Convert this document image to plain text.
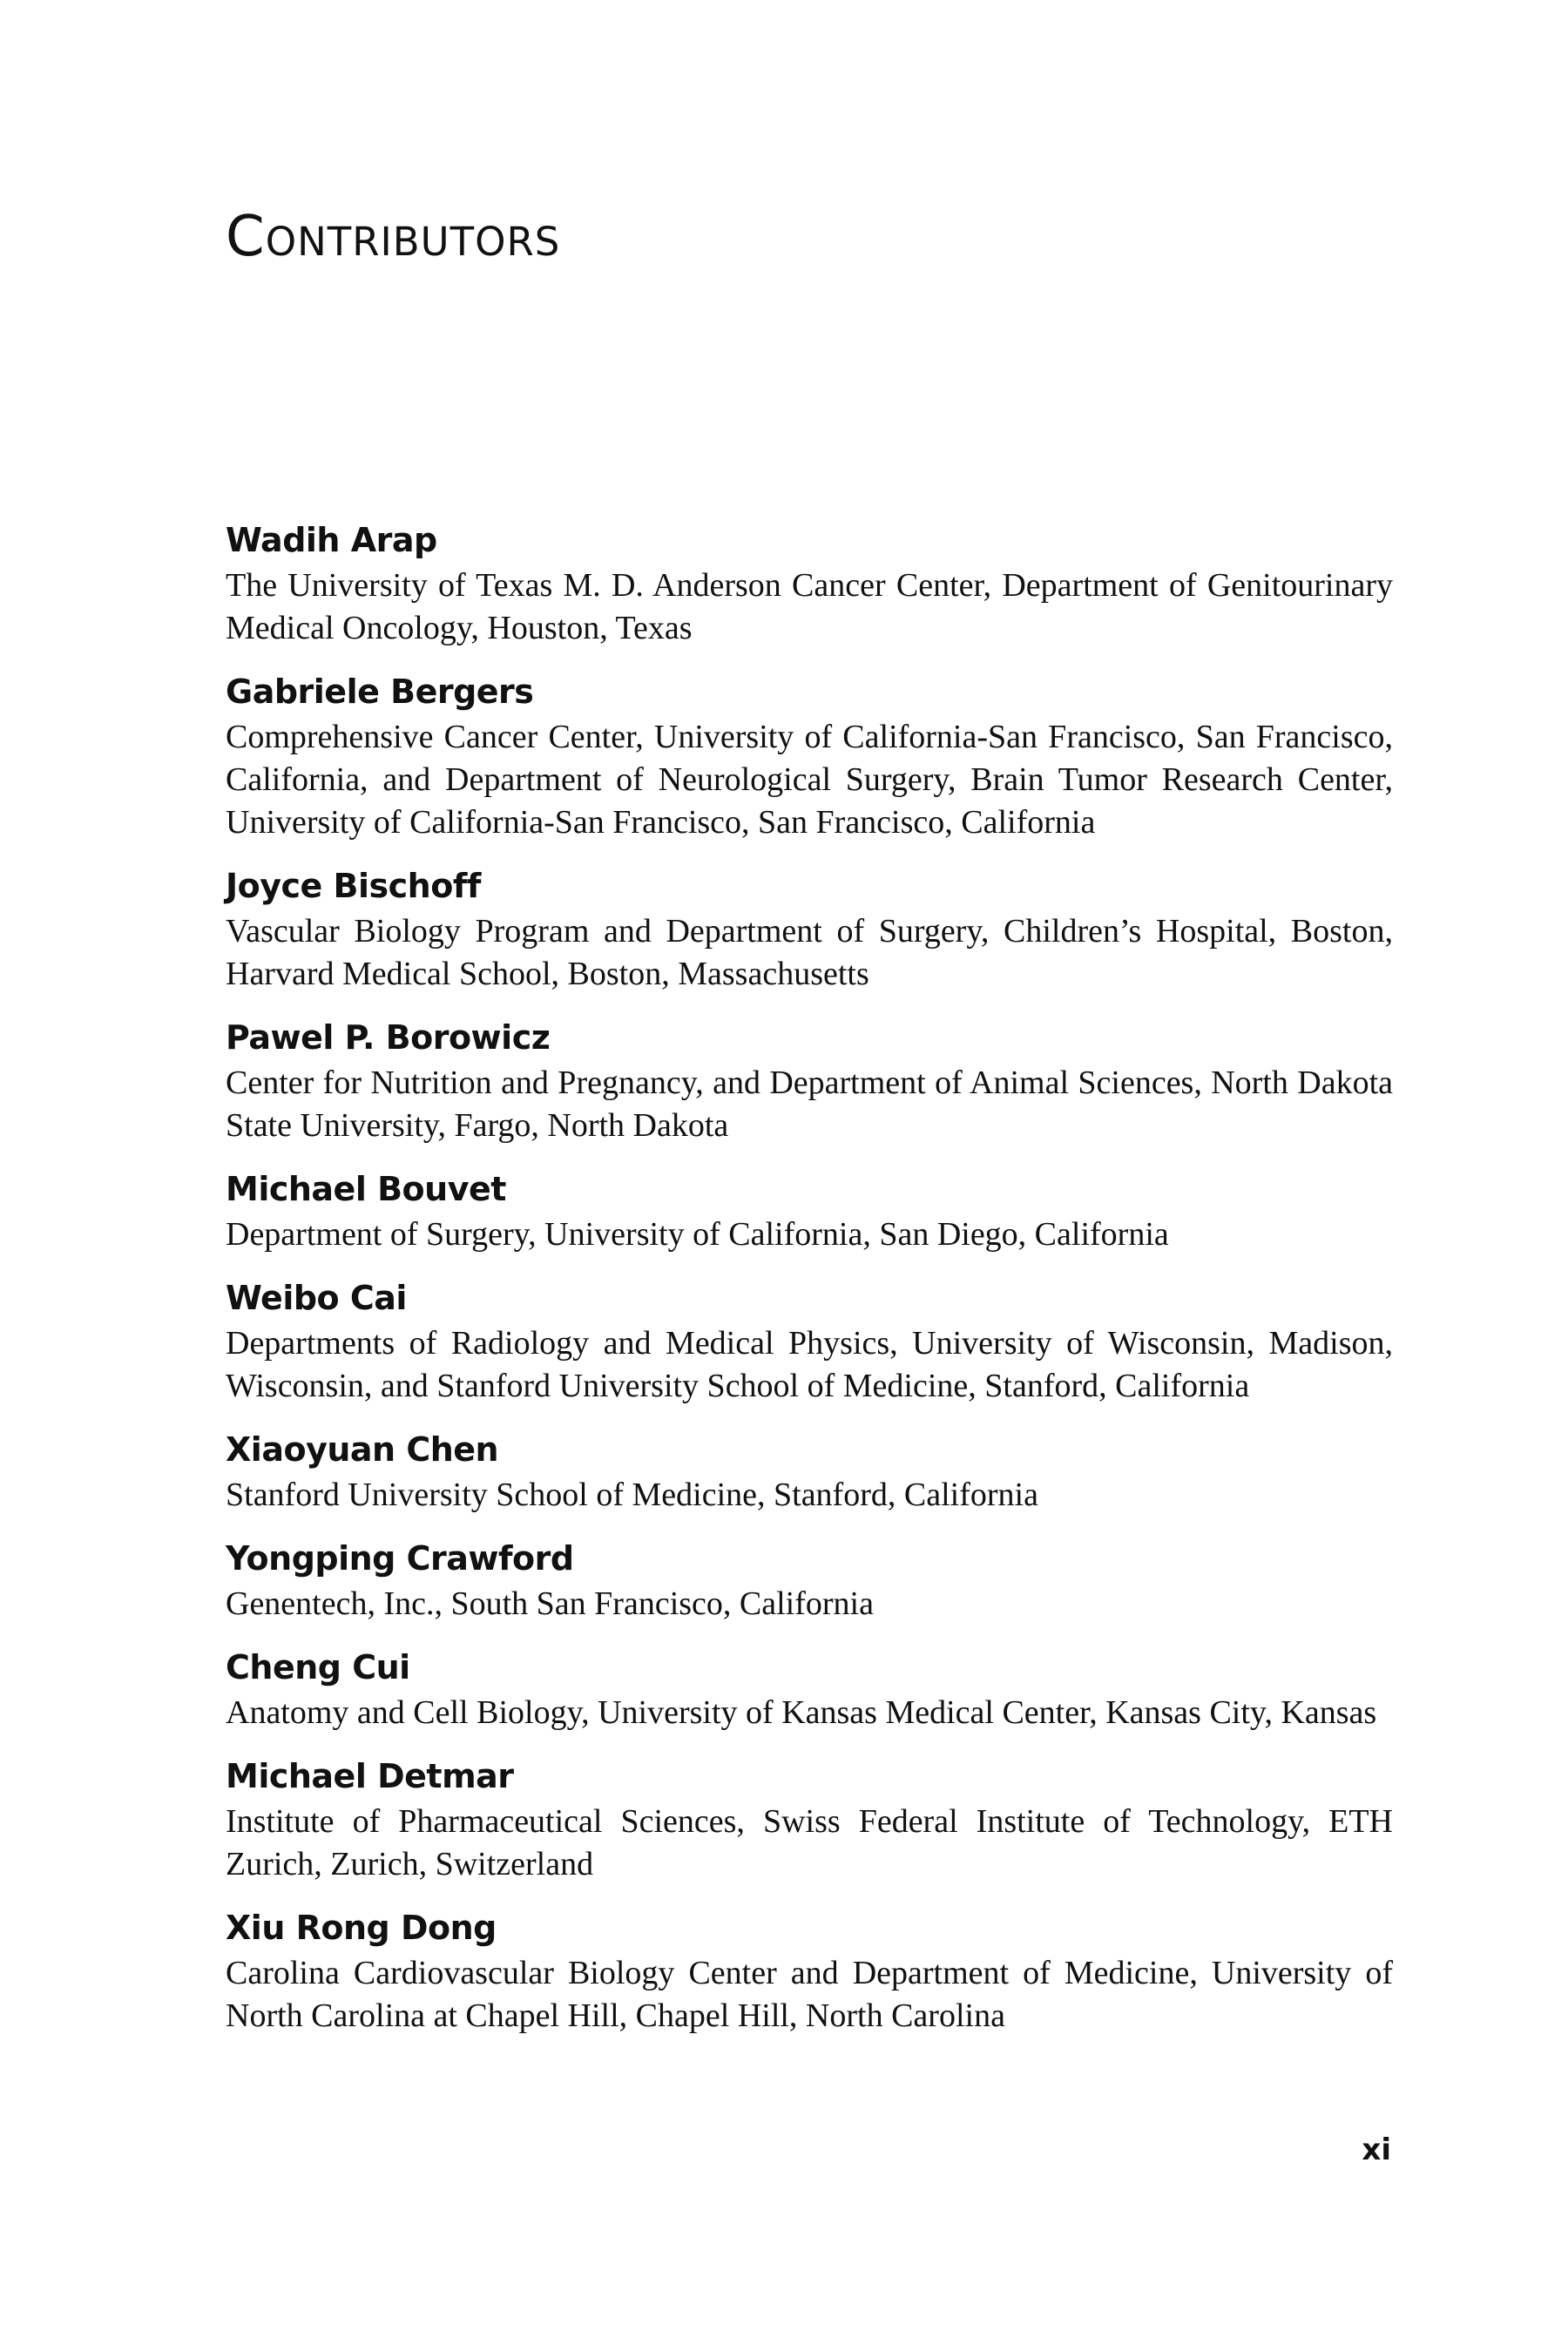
Contributors
Wadih Arap
The University of Texas M. D. Anderson Cancer Center, Department of Genitourinary Medical Oncology, Houston, Texas
Gabriele Bergers
Comprehensive Cancer Center, University of California-San Francisco, San Francisco, California, and Department of Neurological Surgery, Brain Tumor Research Center, University of California-San Francisco, San Francisco, California
Joyce Bischoff
Vascular Biology Program and Department of Surgery, Children’s Hospital, Boston, Harvard Medical School, Boston, Massachusetts
Pawel P. Borowicz
Center for Nutrition and Pregnancy, and Department of Animal Sciences, North Dakota State University, Fargo, North Dakota
Michael Bouvet
Department of Surgery, University of California, San Diego, California
Weibo Cai
Departments of Radiology and Medical Physics, University of Wisconsin, Madison, Wisconsin, and Stanford University School of Medicine, Stanford, California
Xiaoyuan Chen
Stanford University School of Medicine, Stanford, California
Yongping Crawford
Genentech, Inc., South San Francisco, California
Cheng Cui
Anatomy and Cell Biology, University of Kansas Medical Center, Kansas City, Kansas
Michael Detmar
Institute of Pharmaceutical Sciences, Swiss Federal Institute of Technology, ETH Zurich, Zurich, Switzerland
Xiu Rong Dong
Carolina Cardiovascular Biology Center and Department of Medicine, University of North Carolina at Chapel Hill, Chapel Hill, North Carolina
xi
